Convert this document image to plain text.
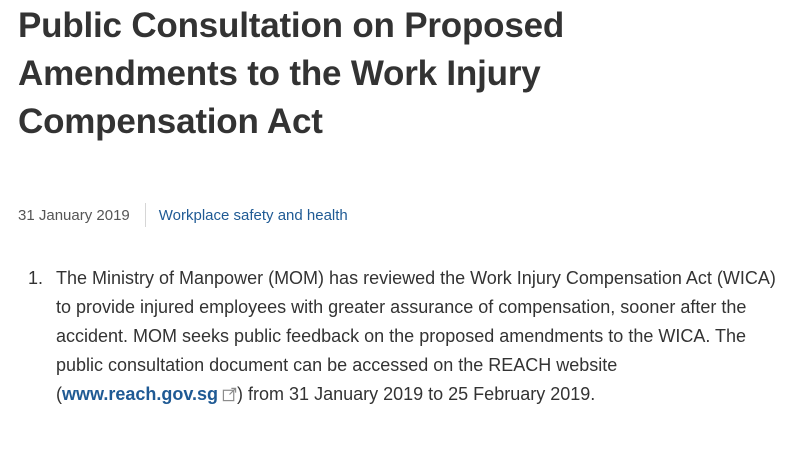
Public Consultation on Proposed Amendments to the Work Injury Compensation Act
31 January 2019 Workplace safety and health
1. The Ministry of Manpower (MOM) has reviewed the Work Injury Compensation Act (WICA) to provide injured employees with greater assurance of compensation, sooner after the accident. MOM seeks public feedback on the proposed amendments to the WICA. The public consultation document can be accessed on the REACH website (www.reach.gov.sg ) from 31 January 2019 to 25 February 2019.
